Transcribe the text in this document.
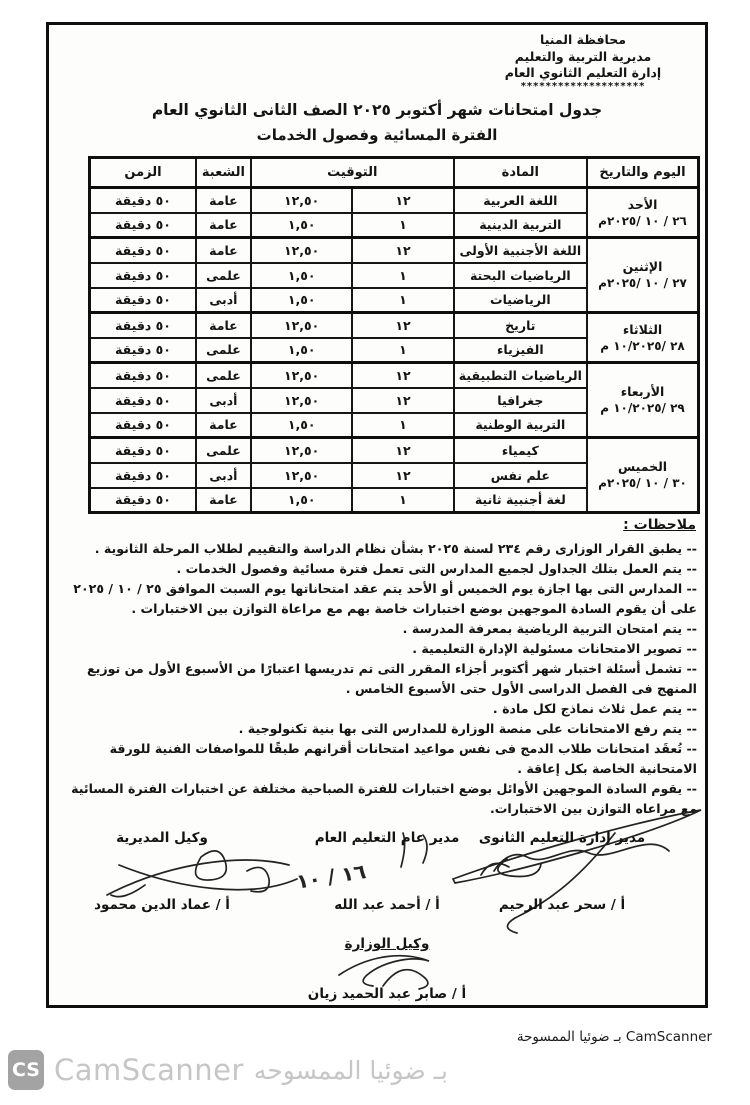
محافظة المنيا
مديرية التربية والتعليم
إدارة التعليم الثانوي العام
********************
جدول امتحانات شهر أكتوبر ٢٠٢٥ الصف الثانى الثانوي العام
الفترة المسائية وفصول الخدمات
اليوم والتاريخ	المادة	التوقيت		الشعبة	الزمن

الأحد
٢٦ / ١٠ /٢٠٢٥م	اللغة العربية	١٢	١٢,٥٠	عامة	٥٠ دقيقة
	التربية الدينية	١	١,٥٠	عامة	٥٠ دقيقة

الإثنين
٢٧ / ١٠ /٢٠٢٥م	اللغة الأجنبية الأولى	١٢	١٢,٥٠	عامة	٥٠ دقيقة
	الرياضيات البحتة	١	١,٥٠	علمى	٥٠ دقيقة
	الرياضيات	١	١,٥٠	أدبى	٥٠ دقيقة

الثلاثاء
٢٨ /١٠/٢٠٢٥ م	تاريخ	١٢	١٢,٥٠	عامة	٥٠ دقيقة
	الفيزياء	١	١,٥٠	علمى	٥٠ دقيقة

الأربعاء
٢٩ /١٠/٢٠٢٥ م	الرياضيات التطبيقية	١٢	١٢,٥٠	علمى	٥٠ دقيقة
	جغرافيا	١٢	١٢,٥٠	أدبى	٥٠ دقيقة
	التربية الوطنية	١	١,٥٠	عامة	٥٠ دقيقة

الخميس
٣٠ / ١٠ /٢٠٢٥م	كيمياء	١٢	١٢,٥٠	علمى	٥٠ دقيقة
	علم نفس	١٢	١٢,٥٠	أدبى	٥٠ دقيقة
	لغة أجنبية ثانية	١	١,٥٠	عامة	٥٠ دقيقة
ملاحظات :
-- يطبق القرار الوزارى رقم ٢٣٤ لسنة ٢٠٢٥ بشأن نظام الدراسة والتقييم لطلاب المرحلة الثانوية .
-- يتم العمل بتلك الجداول لجميع المدارس التى تعمل فترة مسائية وفصول الخدمات .
-- المدارس التى بها اجازة يوم الخميس أو الأحد يتم عقد امتحاناتها يوم السبت الموافق ٢٥ / ١٠ / ٢٠٢٥ على أن يقوم السادة الموجهين بوضع اختبارات خاصة بهم مع مراعاة التوازن بين الاختبارات .
-- يتم امتحان التربية الرياضية بمعرفة المدرسة .
-- تصوير الامتحانات مسئولية الإدارة التعليمية .
-- تشمل أسئلة اختبار شهر أكتوبر أجزاء المقرر التى تم تدريسها اعتبارًا من الأسبوع الأول من توزيع المنهج فى الفصل الدراسى الأول حتى الأسبوع الخامس .
-- يتم عمل ثلاث نماذج لكل مادة .
-- يتم رفع الامتحانات على منصة الوزارة للمدارس التى بها بنية تكنولوجية .
-- تُعقَد امتحانات طلاب الدمج فى نفس مواعيد امتحانات أقرانهم طبقًا للمواصفات الفنية للورقة الامتحانية الخاصة بكل إعاقة .
-- يقوم السادة الموجهين الأوائل بوضع اختبارات للفترة الصباحية مختلفة عن اختبارات الفترة المسائية مع مراعاه التوازن بين الاختبارات.
١٦ / ١٠
مدير إدارة التعليم الثانوى
أ / سحر عبد الرحيم
مدير عام التعليم العام
أ / أحمد عبد الله
وكيل المديرية
أ / عماد الدين محمود
وكيل الوزارة
أ / صابر عبد الحميد زيان
الممسوحة‎ ضوئيا‎ بـ‎ CamScanner
CS CamScanner الممسوحه‎ ضوئيا‎ بـ
